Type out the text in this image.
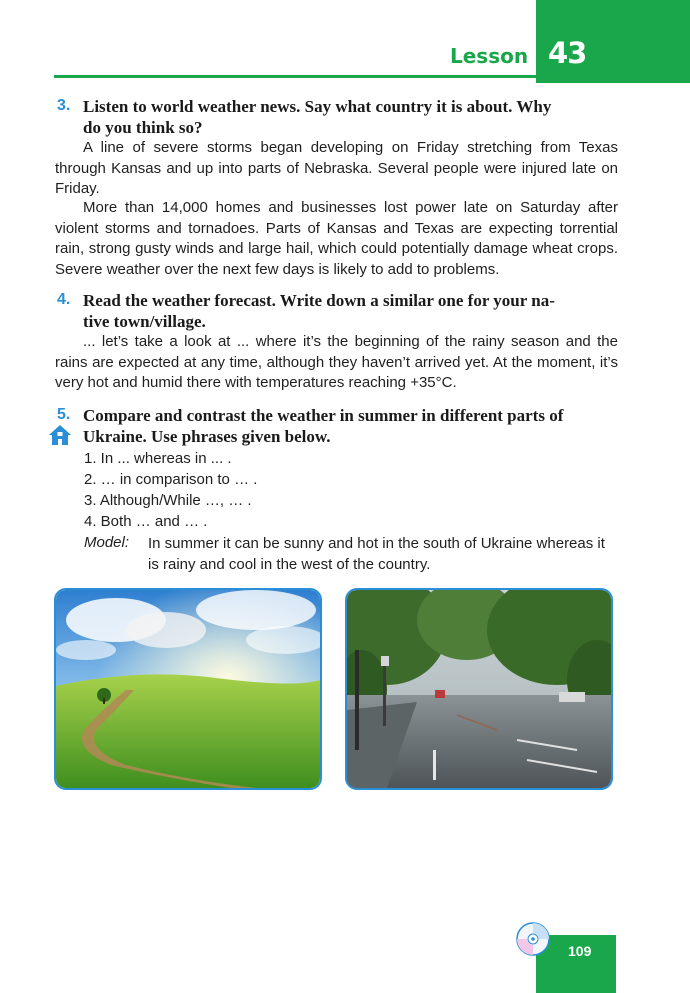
Lesson 43
3. Listen to world weather news. Say what country it is about. Why
do you think so?

A line of severe storms began developing on Friday stretching from Texas through Kansas and up into parts of Nebraska. Several people were injured late on Friday.

More than 14,000 homes and businesses lost power late on Saturday after violent storms and tornadoes. Parts of Kansas and Texas are expecting torrential rain, strong gusty winds and large hail, which could potentially damage wheat crops. Severe weather over the next few days is likely to add to problems.

4. Read the weather forecast. Write down a similar one for your na-
tive town/village.

... let’s take a look at ... where it’s the beginning of the rainy season and the rains are expected at any time, although they haven’t arrived yet. At the moment, it’s very hot and humid there with temperatures reaching +35°C.

5. Compare and contrast the weather in summer in different parts of
Ukraine. Use phrases given below.
1. In ... whereas in ... .
2. … in comparison to … .
3. Although/While …, … .
4. Both … and … .
Model: In summer it can be sunny and hot in the south of Ukraine whereas it is rainy and cool in the west of the country.
109
